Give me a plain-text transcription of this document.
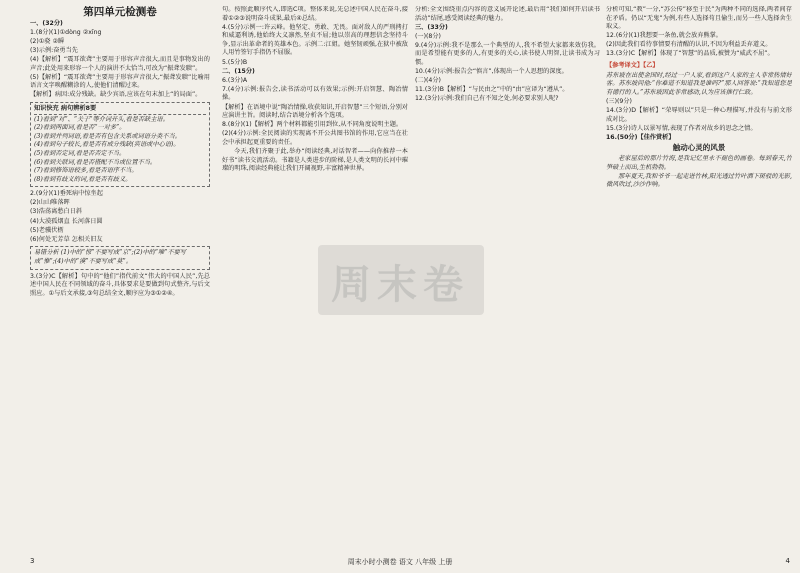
第四单元检测卷
一、(32分)
1.(8分)(1)①dòng ②xīng
(2)①骁 ②瞬
(3)示例:奋勇当先
(4)【解析】“震耳欲聋”主要用于形容声音很大,而且是事物发出的声音;此处用来形容一个人的演讲不太恰当,可改为“振聋发聩”。
(5)【解析】“震耳欲聋”主要用于形容声音很大,“振聋发聩”比喻用语言文字唤醒糊涂的人,使他们清醒过来。
【解析】病因:成分残缺。缺少宾语,应该在句末加上“的局面”。
知识快充 病句辨析8要
(1)看到“对”、“关于”等介词开头,看是否缺主语。
(2)看到两面词,看是否“一对多”。
(3)看到并列词语,看是否有包含关系或词语分类不当。
(4)看到句子较长,看是否有成分残缺(宾语或中心语)。
(5)看到否定词,看是否否定不当。
(6)看到关联词,看是否搭配不当或位置不当。
(7)看到修饰语较多,看是否语序不当。
(8)看到有歧义的词,看是否有歧义。
2.(9分)(1)垂死病中惊坐起
(2)山山唯落晖
(3)浩荡离愁白日斜
(4)大漠孤烟直 长河落日圆
(5)老骥伏枥
(6)何处无芳草 怎相关旧友
易错分析 (1)中的“惊”不要写成“京”;(2)中的“唯”不要写成“惟”;(4)中的“漠”不要写成“莫”。
3.(3分)C【解析】句中的“他们”指代前文“伟大的中国人民”,先总述中国人民在不同领域的奋斗,具体要求是要做到句式整齐,与后文照应。①与后文承接,③句总结全文,顺序应为③①②④。
句。按照此顺序代入,即选C项。整体来说,先总述中国人民在奋斗,接着①②③说明奋斗成果,最后④总结。
4.(5分)示例一:许云峰。他坚定、勇敢、无畏。面对敌人的严刑拷打和威逼利诱,他始终大义凛然,坚贞不屈;他以崇高的理想信念坚持斗争,显示出革命者的英雄本色。示例二:江姐。她坚韧顽强,在狱中被敌人用竹签钉手指仍不屈服。
5.(5分)B
二、(15分)
6.(3分)A
7.(4分)示例:报告会,读书活动可以有效果;示例:开启智慧、陶冶情操。
【解析】在语境中说“陶冶情操,收获知识,开启智慧”三个短语,分别对应演讲主旨。阅读时,结合语境分析各个选项。
8.(8分)(1)【解析】两个材料都能引用到位,从不同角度说明主题。
(2)(4分)示例:全民阅读的实现离不开公共图书馆的作用,它应当在社会中承担起更重要的责任。
今天,我们齐聚于此,举办“阅读经典,对话智者——向你推荐一本好书”读书交流活动。书籍是人类进步的阶梯,是人类文明的长河中璀璨的明珠,阅读经典能让我们开阔视野,丰富精神世界。
分析:全文围绕重点内容的意义展开论述,最后用“我们如何开启读书活动”结尾,感受阅读经典的魅力。
三、(33分)
(一)(8分)
9.(4分)示例:我不是那么一个典型的人,我不希望大家都来效仿我。而是希望能有更多的人,有更多的关心,读书使人明智,让读书成为习惯。
10.(4分)示例:报告会“慎言”,体现出一个人思想的深度。
(二)(4分)
11.(3分)B【解析】“与民由之”中的“由”应译为“遵从”。
12.(3分)示例:我们自己有不知之处,何必要求别人呢?
分析可知,“教”一分,“苏公传”移至于民”为两种不同的选择,两者间存在矛盾。仍以“无鬼”为例,有些人选择苟且偷生,而另一些人选择舍生取义。
12.(6分)(1)我想要一条鱼,就会放弃熊掌。
(2)因此我们看待事情要有清醒的认识,不因为利益丢弃道义。
13.(3分)C【解析】体现了“智慧”的品质,被赞为“威武不屈”。
【参考译文】【乙】
苏东坡在出使金国时,经过一户人家,看到这户人家的主人非常热情好客。苏东坡问他:“你难道不知道我是谁吗?”那人回答说:“我知道您是有德行的人。”苏东坡因此非常感动,认为应该推行仁政。
(三)(9分)
14.(3分)D【解析】“荣辱则以”只是一种心理描写,并没有与前文形成对比。
15.(3分)诗人以景写情,表现了作者对故乡的思念之情。
16.(50分)【佳作赏析】
触动心灵的风景
老家屋后的那片竹海,是我记忆里永不褪色的画卷。每到春天,竹笋破土而出,生机勃勃。
那年夏天,我和爷爷一起走进竹林,阳光透过竹叶洒下斑驳的光影,微风吹过,沙沙作响。
周末卷
3	周末小时小测卷 语文 八年级 上册	4
